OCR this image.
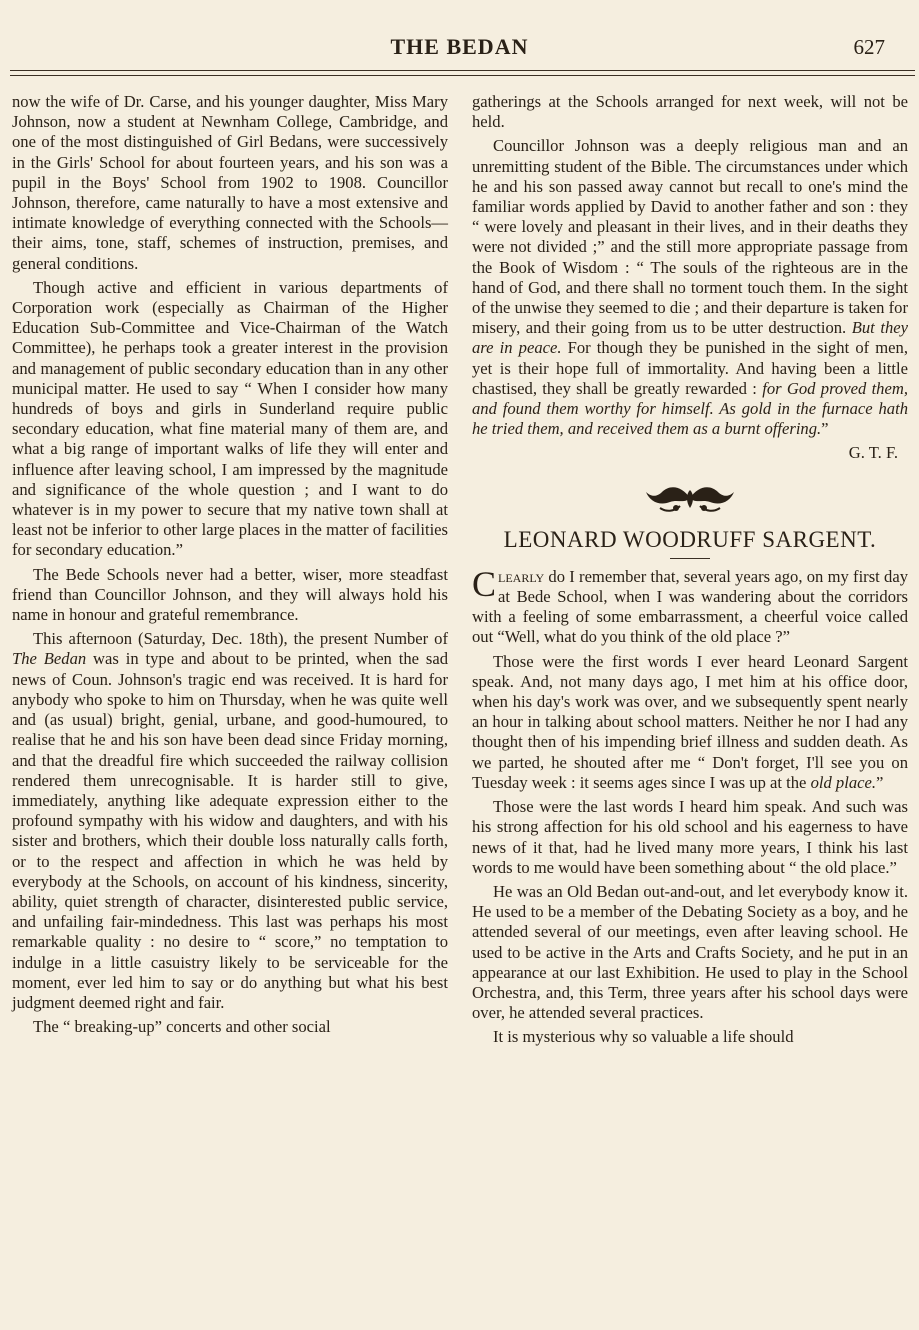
THE BEDAN	627

now the wife of Dr. Carse, and his younger daughter, Miss Mary Johnson, now a student at Newnham College, Cambridge, and one of the most distinguished of Girl Bedans, were successively in the Girls' School for about fourteen years, and his son was a pupil in the Boys' School from 1902 to 1908. Councillor Johnson, therefore, came naturally to have a most extensive and intimate knowledge of everything connected with the Schools—their aims, tone, staff, schemes of instruction, premises, and general conditions.

Though active and efficient in various departments of Corporation work (especially as Chairman of the Higher Education Sub-Committee and Vice-Chairman of the Watch Committee), he perhaps took a greater interest in the provision and management of public secondary education than in any other municipal matter. He used to say “ When I consider how many hundreds of boys and girls in Sunderland require public secondary education, what fine material many of them are, and what a big range of important walks of life they will enter and influence after leaving school, I am impressed by the magnitude and significance of the whole question ; and I want to do whatever is in my power to secure that my native town shall at least not be inferior to other large places in the matter of facilities for secondary education.”

The Bede Schools never had a better, wiser, more steadfast friend than Councillor Johnson, and they will always hold his name in honour and grateful remembrance.

This afternoon (Saturday, Dec. 18th), the present Number of The Bedan was in type and about to be printed, when the sad news of Coun. Johnson's tragic end was received. It is hard for anybody who spoke to him on Thursday, when he was quite well and (as usual) bright, genial, urbane, and good-humoured, to realise that he and his son have been dead since Friday morning, and that the dreadful fire which succeeded the railway collision rendered them unrecognisable. It is harder still to give, immediately, anything like adequate expression either to the profound sympathy with his widow and daughters, and with his sister and brothers, which their double loss naturally calls forth, or to the respect and affection in which he was held by everybody at the Schools, on account of his kindness, sincerity, ability, quiet strength of character, disinterested public service, and unfailing fair-mindedness. This last was perhaps his most remarkable quality : no desire to “ score,” no temptation to indulge in a little casuistry likely to be serviceable for the moment, ever led him to say or do anything but what his best judgment deemed right and fair.

The “ breaking-up” concerts and other social

gatherings at the Schools arranged for next week, will not be held.

Councillor Johnson was a deeply religious man and an unremitting student of the Bible. The circumstances under which he and his son passed away cannot but recall to one's mind the familiar words applied by David to another father and son : they “ were lovely and pleasant in their lives, and in their deaths they were not divided ;” and the still more appropriate passage from the Book of Wisdom : “ The souls of the righteous are in the hand of God, and there shall no torment touch them. In the sight of the unwise they seemed to die ; and their departure is taken for misery, and their going from us to be utter destruction. But they are in peace. For though they be punished in the sight of men, yet is their hope full of immortality. And having been a little chastised, they shall be greatly rewarded : for God proved them, and found them worthy for himself. As gold in the furnace hath he tried them, and received them as a burnt offering.”

G. T. F.
LEONARD WOODRUFF SARGENT.

Clearly do I remember that, several years ago, on my first day at Bede School, when I was wandering about the corridors with a feeling of some embarrassment, a cheerful voice called out “Well, what do you think of the old place ?”

Those were the first words I ever heard Leonard Sargent speak. And, not many days ago, I met him at his office door, when his day's work was over, and we subsequently spent nearly an hour in talking about school matters. Neither he nor I had any thought then of his impending brief illness and sudden death. As we parted, he shouted after me “ Don't forget, I'll see you on Tuesday week : it seems ages since I was up at the old place.”

Those were the last words I heard him speak. And such was his strong affection for his old school and his eagerness to have news of it that, had he lived many more years, I think his last words to me would have been something about “ the old place.”

He was an Old Bedan out-and-out, and let everybody know it. He used to be a member of the Debating Society as a boy, and he attended several of our meetings, even after leaving school. He used to be active in the Arts and Crafts Society, and he put in an appearance at our last Exhibition. He used to play in the School Orchestra, and, this Term, three years after his school days were over, he attended several practices.

It is mysterious why so valuable a life should
